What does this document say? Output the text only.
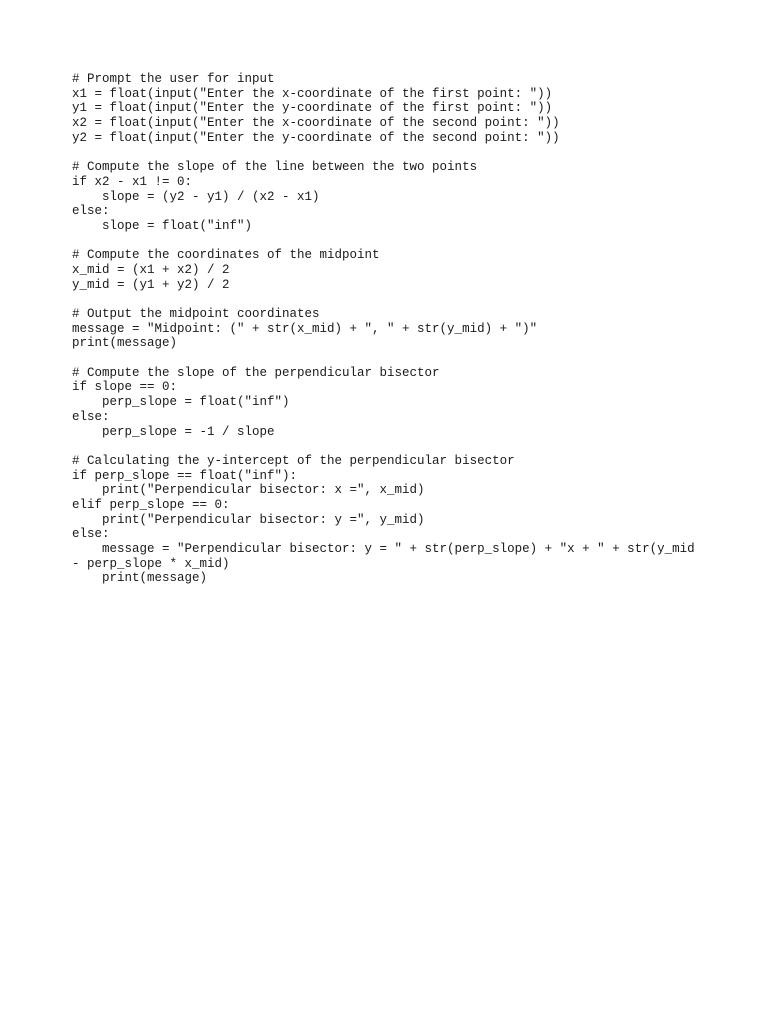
# Prompt the user for input
x1 = float(input("Enter the x-coordinate of the first point: "))
y1 = float(input("Enter the y-coordinate of the first point: "))
x2 = float(input("Enter the x-coordinate of the second point: "))
y2 = float(input("Enter the y-coordinate of the second point: "))
# Compute the slope of the line between the two points
if x2 - x1 != 0:
slope = (y2 - y1) / (x2 - x1)
else:
slope = float("inf")
# Compute the coordinates of the midpoint
x_mid = (x1 + x2) / 2
y_mid = (y1 + y2) / 2
# Output the midpoint coordinates
message = "Midpoint: (" + str(x_mid) + ", " + str(y_mid) + ")"
print(message)
# Compute the slope of the perpendicular bisector
if slope == 0:
perp_slope = float("inf")
else:
perp_slope = -1 / slope
# Calculating the y-intercept of the perpendicular bisector
if perp_slope == float("inf"):
print("Perpendicular bisector: x =", x_mid)
elif perp_slope == 0:
print("Perpendicular bisector: y =", y_mid)
else:
message = "Perpendicular bisector: y = " + str(perp_slope) + "x + " + str(y_mid
- perp_slope * x_mid)
print(message)
